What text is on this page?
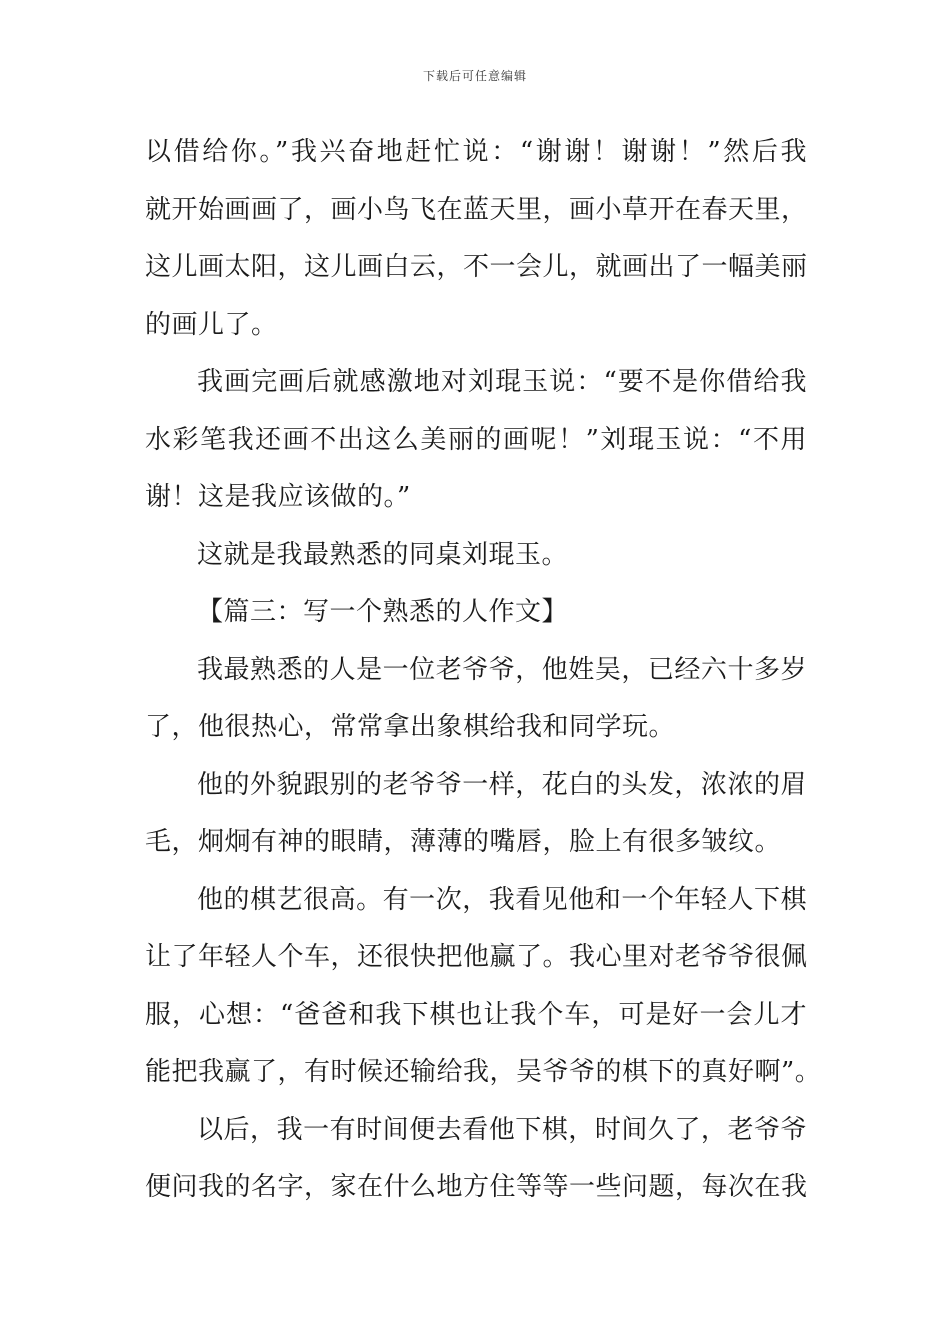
下载后可任意编辑
以借给你。”我兴奋地赶忙说：“谢谢！谢谢！”然后我
就开始画画了，画小鸟飞在蓝天里，画小草开在春天里，
这儿画太阳，这儿画白云，不一会儿，就画出了一幅美丽
的画儿了。
我画完画后就感激地对刘琨玉说：“要不是你借给我
水彩笔我还画不出这么美丽的画呢！”刘琨玉说：“不用
谢！这是我应该做的。”
这就是我最熟悉的同桌刘琨玉。
【篇三：写一个熟悉的人作文】
我最熟悉的人是一位老爷爷，他姓吴，已经六十多岁
了，他很热心，常常拿出象棋给我和同学玩。
他的外貌跟别的老爷爷一样，花白的头发，浓浓的眉
毛，炯炯有神的眼睛，薄薄的嘴唇，脸上有很多皱纹。
他的棋艺很高。有一次，我看见他和一个年轻人下棋
让了年轻人个车，还很快把他赢了。我心里对老爷爷很佩
服，心想：“爸爸和我下棋也让我个车，可是好一会儿才
能把我赢了，有时候还输给我，吴爷爷的棋下的真好啊”。
以后，我一有时间便去看他下棋，时间久了，老爷爷
便问我的名字，家在什么地方住等等一些问题，每次在我
